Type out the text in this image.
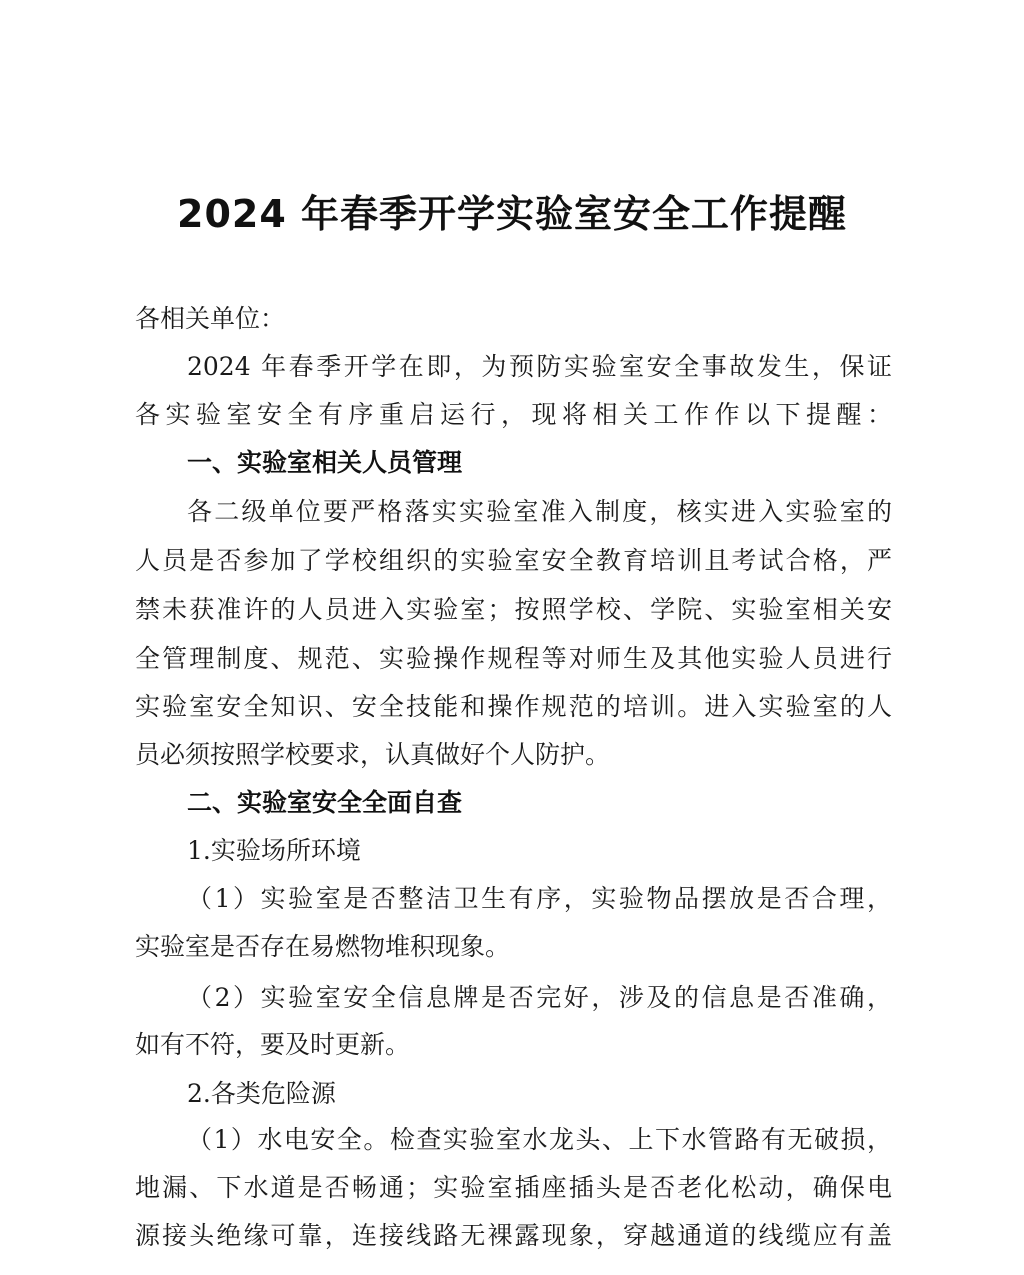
2024 年春季开学实验室安全工作提醒

各相关单位：

2024 年春季开学在即，为预防实验室安全事故发生，保证

各实验室安全有序重启运行，现将相关工作作以下提醒：

一、实验室相关人员管理

各二级单位要严格落实实验室准入制度，核实进入实验室的

人员是否参加了学校组织的实验室安全教育培训且考试合格，严

禁未获准许的人员进入实验室；按照学校、学院、实验室相关安

全管理制度、规范、实验操作规程等对师生及其他实验人员进行

实验室安全知识、安全技能和操作规范的培训。进入实验室的人

员必须按照学校要求，认真做好个人防护。

二、实验室安全全面自查

1.实验场所环境

（1）实验室是否整洁卫生有序，实验物品摆放是否合理，

实验室是否存在易燃物堆积现象。

（2）实验室安全信息牌是否完好，涉及的信息是否准确，

如有不符，要及时更新。

2.各类危险源

（1）水电安全。检查实验室水龙头、上下水管路有无破损，

地漏、下水道是否畅通；实验室插座插头是否老化松动，确保电

源接头绝缘可靠，连接线路无裸露现象，穿越通道的线缆应有盖
